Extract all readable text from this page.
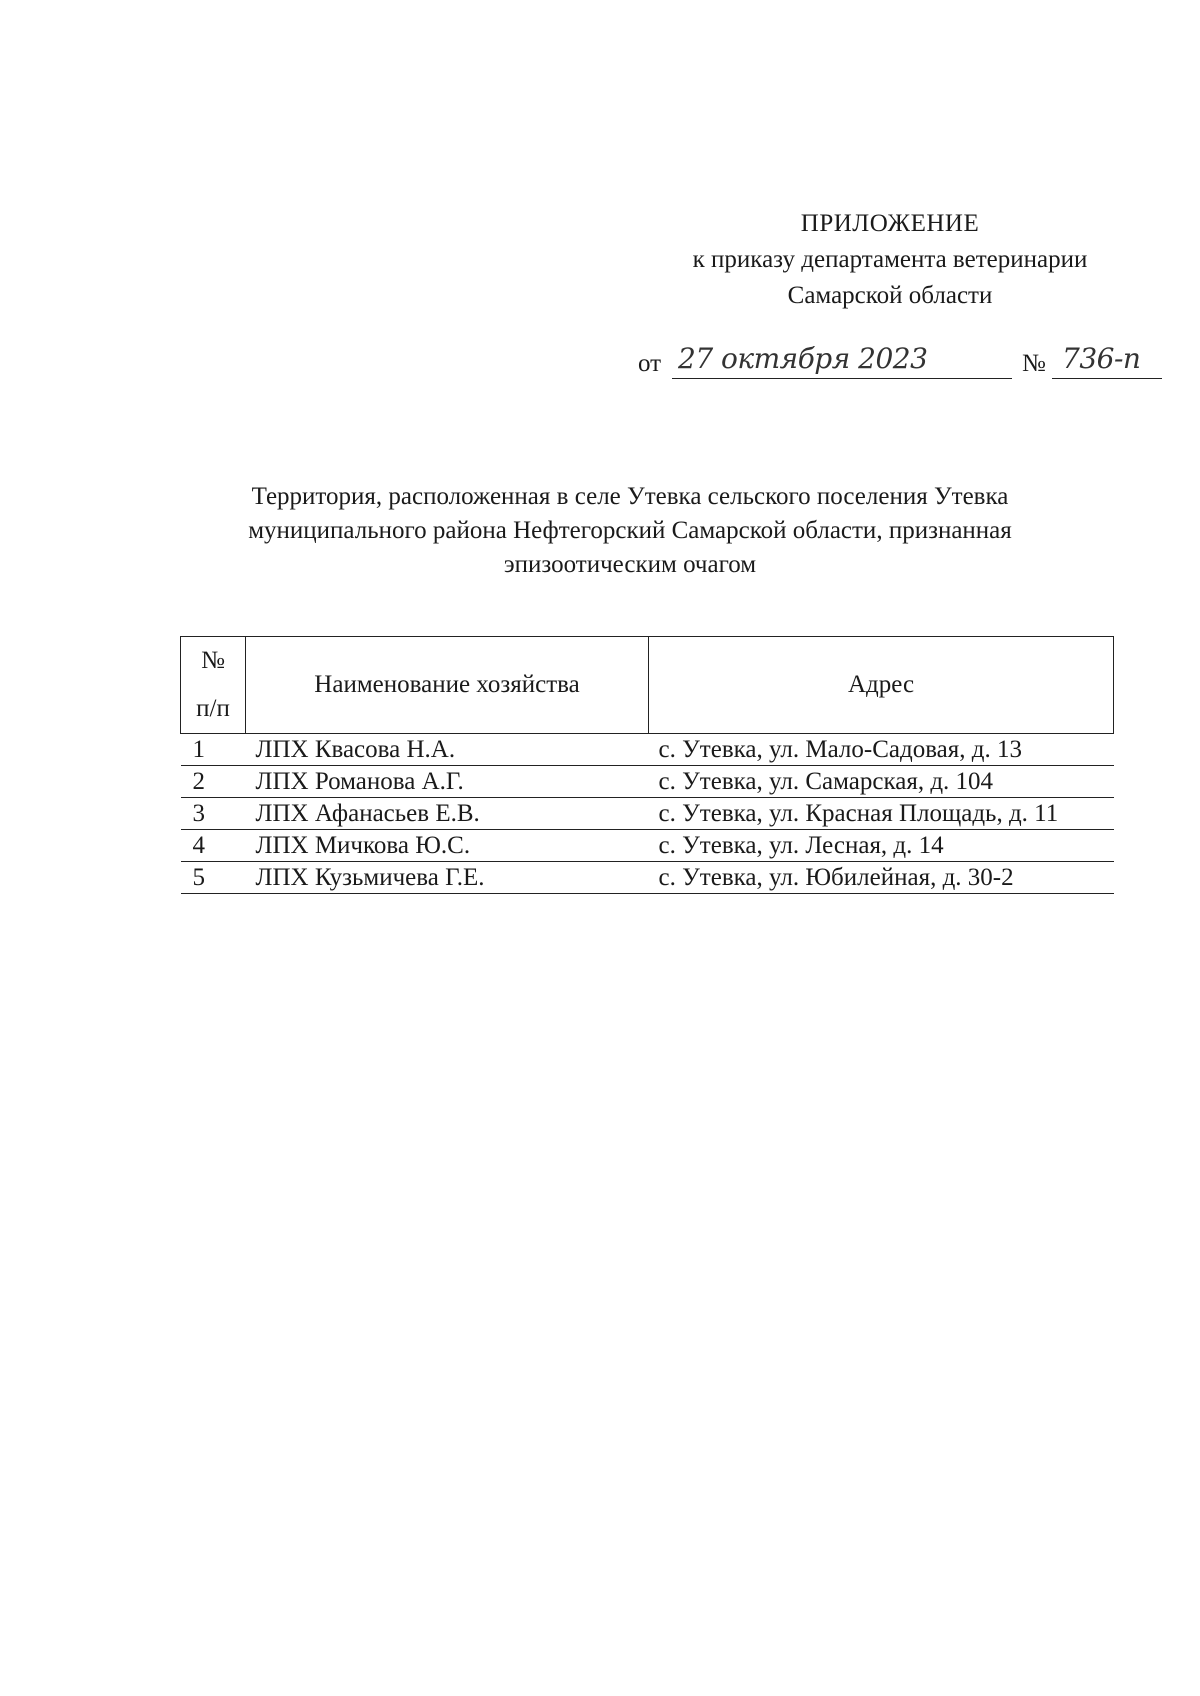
ПРИЛОЖЕНИЕ
к приказу департамента ветеринарии
Самарской области
от 27 октября 2023	№ 736-п
Территория, расположенная в селе Утевка сельского поселения Утевка
муниципального района Нефтегорский Самарской области, признанная
эпизоотическим очагом
№
п/п	Наименование хозяйства	Адрес
1	ЛПХ Квасова Н.А.	с. Утевка, ул. Мало-Садовая, д. 13
2	ЛПХ Романова А.Г.	с. Утевка, ул. Самарская, д. 104
3	ЛПХ Афанасьев Е.В.	с. Утевка, ул. Красная Площадь, д. 11
4	ЛПХ Мичкова Ю.С.	с. Утевка, ул. Лесная, д. 14
5	ЛПХ Кузьмичева Г.Е.	с. Утевка, ул. Юбилейная, д. 30-2
